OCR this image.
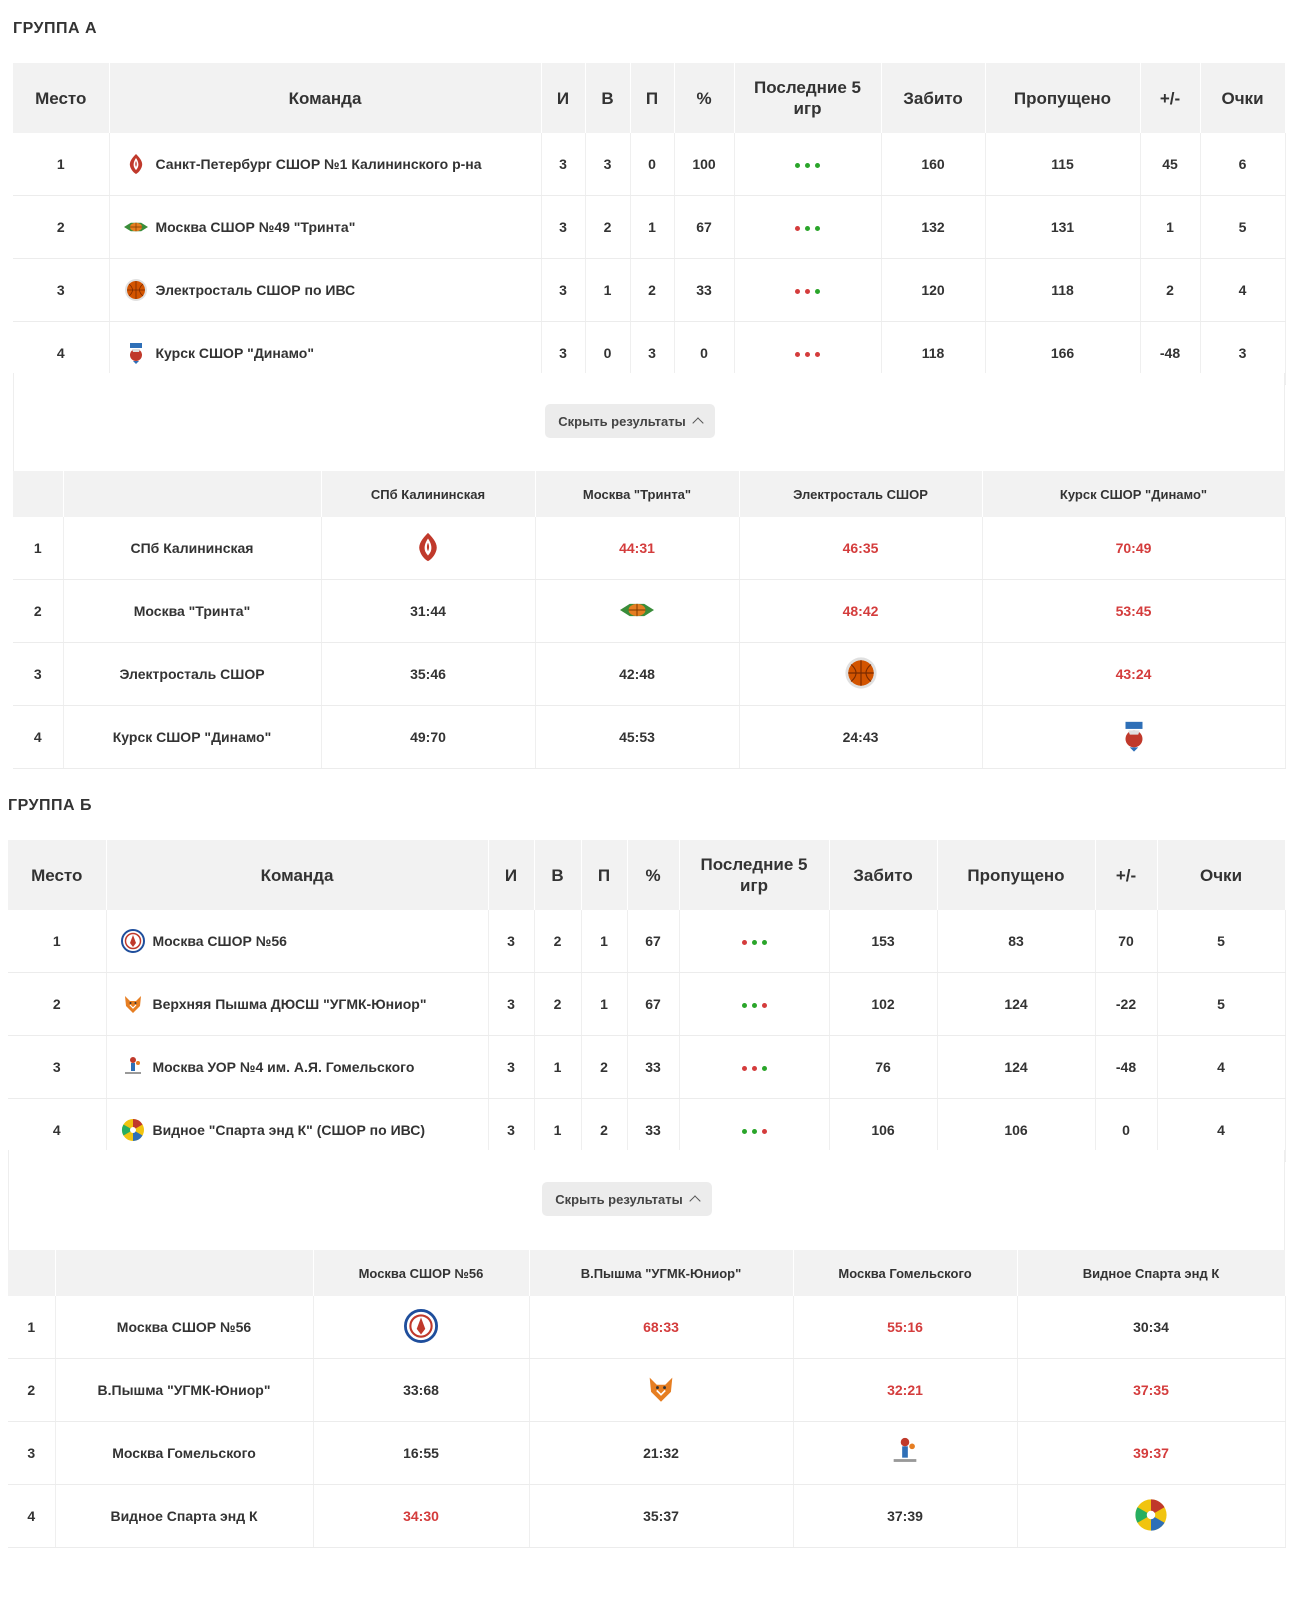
ГРУППА А
Место	Команда	И	В	П	%	Последние 5 игр	Забито	Пропущено	+/-	Очки
1	Санкт-Петербург СШОР №1 Калининского р-на	3	3	0	100		160	115	45	6
2	Москва СШОР №49 "Тринта"	3	2	1	67		132	131	1	5
3	Электросталь СШОР по ИВС	3	1	2	33		120	118	2	4
4	Курск СШОР "Динамо"	3	0	3	0		118	166	-48	3
Скрыть результаты
		СПб Калининская	Москва "Тринта"	Электросталь СШОР	Курск СШОР "Динамо"
1	СПб Калининская		44:31	46:35	70:49
2	Москва "Тринта"	31:44		48:42	53:45
3	Электросталь СШОР	35:46	42:48		43:24
4	Курск СШОР "Динамо"	49:70	45:53	24:43	
ГРУППА Б
Место	Команда	И	В	П	%	Последние 5 игр	Забито	Пропущено	+/-	Очки
1	Москва СШОР №56	3	2	1	67		153	83	70	5
2	Верхняя Пышма ДЮСШ "УГМК-Юниор"	3	2	1	67		102	124	-22	5
3	Москва УОР №4 им. А.Я. Гомельского	3	1	2	33		76	124	-48	4
4	Видное "Спарта энд К" (СШОР по ИВС)	3	1	2	33		106	106	0	4
Скрыть результаты
		Москва СШОР №56	В.Пышма "УГМК-Юниор"	Москва Гомельского	Видное Спарта энд К
1	Москва СШОР №56		68:33	55:16	30:34
2	В.Пышма "УГМК-Юниор"	33:68		32:21	37:35
3	Москва Гомельского	16:55	21:32		39:37
4	Видное Спарта энд К	34:30	35:37	37:39	
